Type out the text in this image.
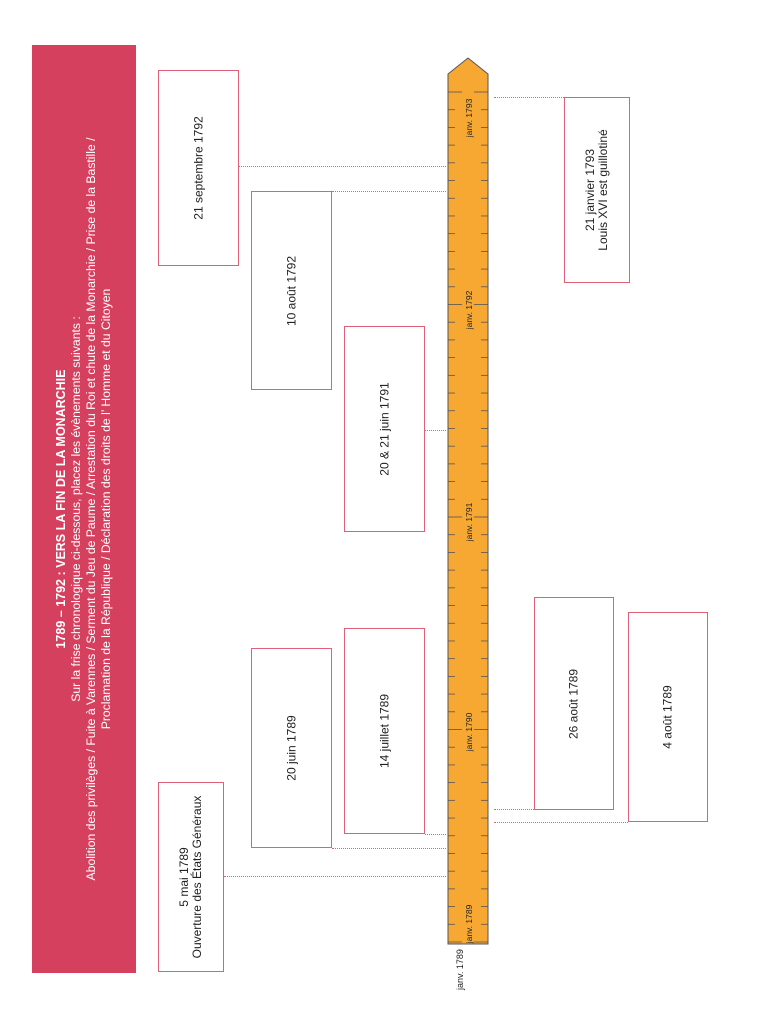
1789 – 1792 : VERS LA FIN DE LA MONARCHIE Sur la frise chronologique ci-dessous, placez les évènements suivants : Abolition des privilèges / Fuite à Varennes / Serment du Jeu de Paume / Arrestation du Roi et chute de la Monarchie / Prise de la Bastille / Proclamation de la République / Déclaration des droits de l’ Homme et du Citoyen
21 septembre 1792
10 août 1792
20 & 21 juin 1791
20 juin 1789	14 juillet 1789
5 mai 1789 Ouverture des États Généraux
21 janvier 1793 Louis XVI est guillotiné
26 août 1789	4 août 1789
janv. 1793
janv. 1792
janv. 1791
janv. 1790
janv. 1789
janv. 1789
